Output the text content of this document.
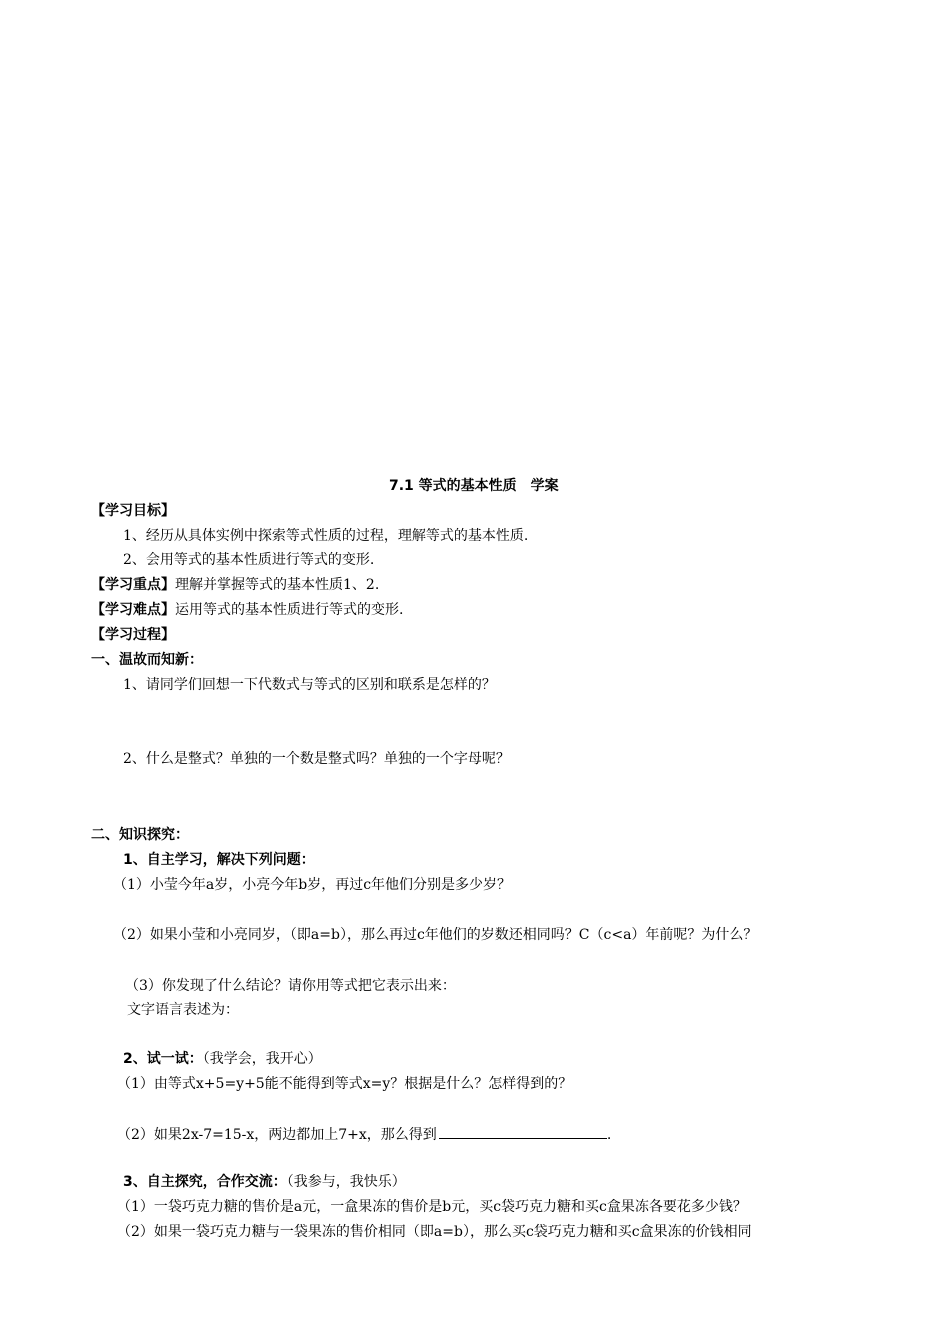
7.1 等式的基本性质　学案
【学习目标】
1、经历从具体实例中探索等式性质的过程，理解等式的基本性质.
2、会用等式的基本性质进行等式的变形.
【学习重点】理解并掌握等式的基本性质1、2.
【学习难点】运用等式的基本性质进行等式的变形.
【学习过程】
一、温故而知新：
1、请同学们回想一下代数式与等式的区别和联系是怎样的？
2、什么是整式？单独的一个数是整式吗？单独的一个字母呢？
二、知识探究：
1、自主学习，解决下列问题：
（1）小莹今年a岁，小亮今年b岁，再过c年他们分别是多少岁？
（2）如果小莹和小亮同岁，（即a=b），那么再过c年他们的岁数还相同吗？C（c<a）年前呢？为什么？
（3）你发现了什么结论？请你用等式把它表示出来：
文字语言表述为：
2、试一试：（我学会，我开心）
（1）由等式x+5=y+5能不能得到等式x=y？根据是什么？怎样得到的？
（2）如果2x-7=15-x，两边都加上7+x，那么得到	.
3、自主探究，合作交流：（我参与，我快乐）
（1）一袋巧克力糖的售价是a元，一盒果冻的售价是b元，买c袋巧克力糖和买c盒果冻各要花多少钱？
（2）如果一袋巧克力糖与一袋果冻的售价相同（即a=b），那么买c袋巧克力糖和买c盒果冻的价钱相同
